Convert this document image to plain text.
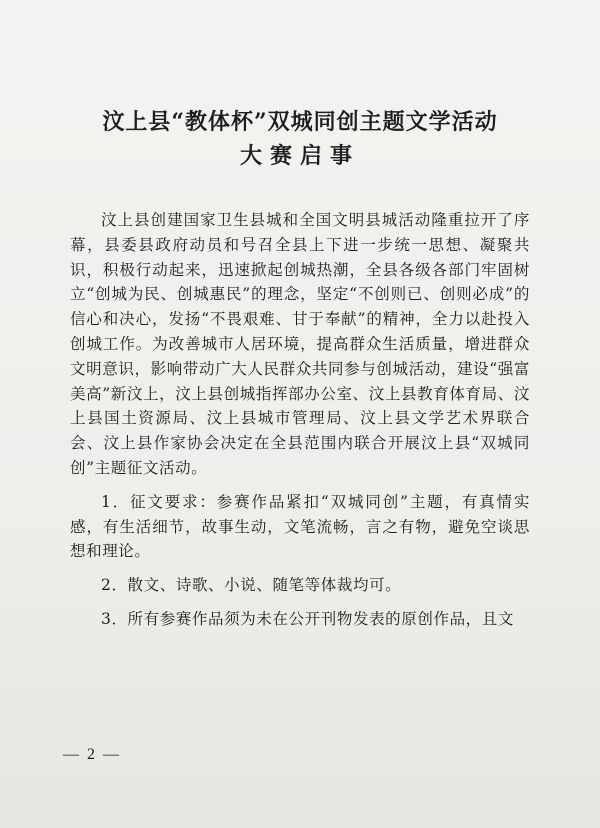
汶上县“教体杯”双城同创主题文学活动
大赛启事

汶上县创建国家卫生县城和全国文明县城活动隆重拉开了序幕，县委县政府动员和号召全县上下进一步统一思想、凝聚共识，积极行动起来，迅速掀起创城热潮，全县各级各部门牢固树立“创城为民、创城惠民”的理念，坚定“不创则已、创则必成”的信心和决心，发扬“不畏艰难、甘于奉献”的精神，全力以赴投入创城工作。为改善城市人居环境，提高群众生活质量，增进群众文明意识，影响带动广大人民群众共同参与创城活动，建设“强富美高”新汶上，汶上县创城指挥部办公室、汶上县教育体育局、汶上县国土资源局、汶上县城市管理局、汶上县文学艺术界联合会、汶上县作家协会决定在全县范围内联合开展汶上县“双城同创”主题征文活动。

1．征文要求：参赛作品紧扣“双城同创”主题，有真情实感，有生活细节，故事生动，文笔流畅，言之有物，避免空谈思想和理论。

2．散文、诗歌、小说、随笔等体裁均可。

3．所有参赛作品须为未在公开刊物发表的原创作品，且文

— 2 —
